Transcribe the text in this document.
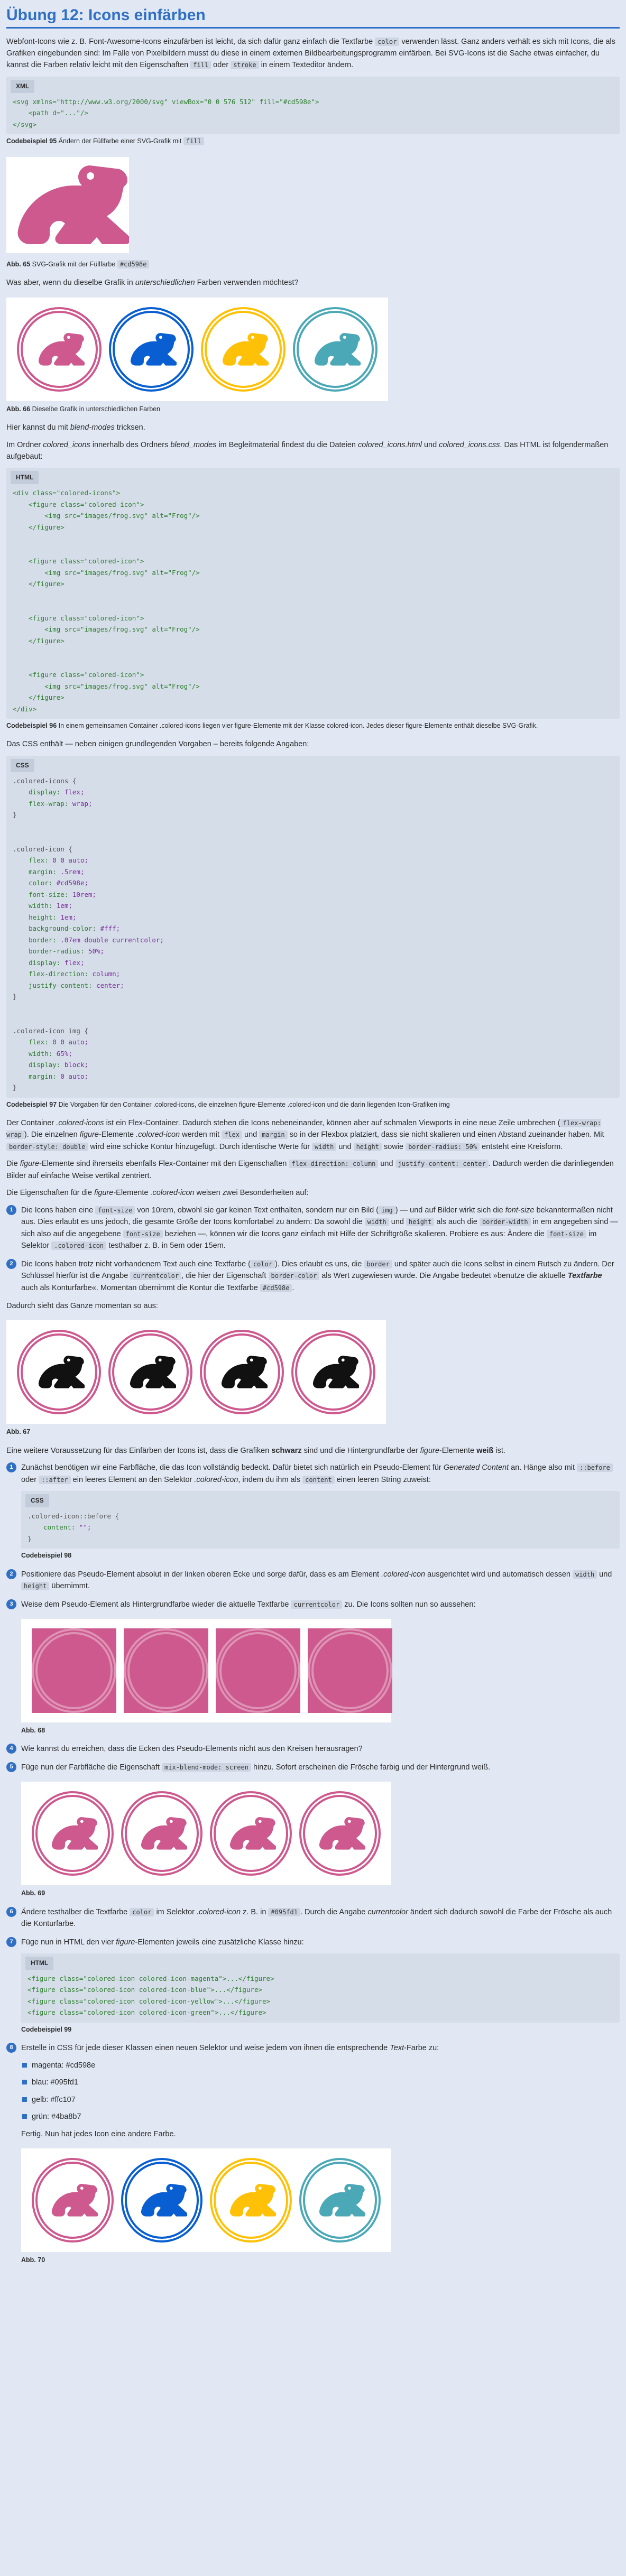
Übung 12: Icons einfärben

Webfont-Icons wie z. B. Font-Awesome-Icons einzufärben ist leicht, da sich dafür ganz einfach die Textfarbe color verwenden lässt. Ganz anders verhält es sich mit Icons, die als Grafiken eingebunden sind: Im Falle von Pixelbildern musst du diese in einem externen Bildbearbeitungsprogramm einfärben. Bei SVG-Icons ist die Sache etwas einfacher, du kannst die Farben relativ leicht mit den Eigenschaften fill oder stroke in einem Texteditor ändern.

XML
<svg xmlns="http://www.w3.org/2000/svg" viewBox="0 0 576 512" fill="#cd598e">
<path d="..."/>
</svg>
Codebeispiel 95 Ändern der Füllfarbe einer SVG-Grafik mit fill
Abb. 65 SVG-Grafik mit der Füllfarbe #cd598e

Was aber, wenn du dieselbe Grafik in unterschiedlichen Farben verwenden möchtest?

Abb. 66 Dieselbe Grafik in unterschiedlichen Farben

Hier kannst du mit blend-modes tricksen.

Im Ordner colored_icons innerhalb des Ordners blend_modes im Begleitmaterial findest du die Dateien colored_icons.html und colored_icons.css. Das HTML ist folgendermaßen aufgebaut:

HTML
<div class="colored-icons">
<figure class="colored-icon">
<img src="images/frog.svg" alt="Frog"/>
</figure>

<figure class="colored-icon">
<img src="images/frog.svg" alt="Frog"/>
</figure>

<figure class="colored-icon">
<img src="images/frog.svg" alt="Frog"/>
</figure>

<figure class="colored-icon">
<img src="images/frog.svg" alt="Frog"/>
</figure>
</div>
Codebeispiel 96 In einem gemeinsamen Container .colored-icons liegen vier figure-Elemente mit der Klasse colored-icon. Jedes dieser figure-Elemente enthält dieselbe SVG-Grafik.

Das CSS enthält — neben einigen grundlegenden Vorgaben – bereits folgende Angaben:

CSS
.colored-icons {
display: flex;
flex-wrap: wrap;
}

.colored-icon {
flex: 0 0 auto;
margin: .5rem;
color: #cd598e;
font-size: 10rem;
width: 1em;
height: 1em;
background-color: #fff;
border: .07em double currentcolor;
border-radius: 50%;
display: flex;
flex-direction: column;
justify-content: center;
}

.colored-icon img {
flex: 0 0 auto;
width: 65%;
display: block;
margin: 0 auto;
}
Codebeispiel 97 Die Vorgaben für den Container .colored-icons, die einzelnen figure-Elemente .colored-icon und die darin liegenden Icon-Grafiken img

Der Container .colored-icons ist ein Flex-Container. Dadurch stehen die Icons nebeneinander, können aber auf schmalen Viewports in eine neue Zeile umbrechen ( flex-wrap: wrap ). Die einzelnen figure-Elemente .colored-icon werden mit flex und margin so in der Flexbox platziert, dass sie nicht skalieren und einen Abstand zueinander haben. Mit border-style: double wird eine schicke Kontur hinzugefügt. Durch identische Werte für width und height sowie border-radius: 50% entsteht eine Kreisform.

Die figure-Elemente sind ihrerseits ebenfalls Flex-Container mit den Eigenschaften flex-direction: column und justify-content: center . Dadurch werden die darinliegenden Bilder auf einfache Weise vertikal zentriert.

Die Eigenschaften für die figure-Elemente .colored-icon weisen zwei Besonderheiten auf:

1	Die Icons haben eine font-size von 10rem, obwohl sie gar keinen Text enthalten, sondern nur ein Bild ( img ) — und auf Bilder wirkt sich die font-size bekanntermaßen nicht aus. Dies erlaubt es uns jedoch, die gesamte Größe der Icons komfortabel zu ändern: Da sowohl die width und height als auch die border-width in em angegeben sind — sich also auf die angegebene font-size beziehen —, können wir die Icons ganz einfach mit Hilfe der Schriftgröße skalieren. Probiere es aus: Ändere die font-size im Selektor .colored-icon testhalber z. B. in 5em oder 15em.
2	Die Icons haben trotz nicht vorhandenem Text auch eine Textfarbe ( color ). Dies erlaubt es uns, die border und später auch die Icons selbst in einem Rutsch zu ändern. Der Schlüssel hierfür ist die Angabe currentcolor , die hier der Eigenschaft border-color als Wert zugewiesen wurde. Die Angabe bedeutet »benutze die aktuelle Textfarbe auch als Konturfarbe«. Momentan übernimmt die Kontur die Textfarbe #cd598e .

Dadurch sieht das Ganze momentan so aus:

Abb. 67

Eine weitere Voraussetzung für das Einfärben der Icons ist, dass die Grafiken schwarz sind und die Hintergrundfarbe der figure-Elemente weiß ist.

1	Zunächst benötigen wir eine Farbfläche, die das Icon vollständig bedeckt. Dafür bietet sich natürlich ein Pseudo-Element für Generated Content an. Hänge also mit ::before oder ::after ein leeres Element an den Selektor .colored-icon, indem du ihm als content einen leeren String zuweist:
CSS
.colored-icon::before {
content: "";
}
Codebeispiel 98
2	Positioniere das Pseudo-Element absolut in der linken oberen Ecke und sorge dafür, dass es am Element .colored-icon ausgerichtet wird und automatisch dessen width und height übernimmt.
3	Weise dem Pseudo-Element als Hintergrundfarbe wieder die aktuelle Textfarbe currentcolor zu. Die Icons sollten nun so aussehen:
Abb. 68
4	Wie kannst du erreichen, dass die Ecken des Pseudo-Elements nicht aus den Kreisen herausragen?
5	Füge nun der Farbfläche die Eigenschaft mix-blend-mode: screen hinzu. Sofort erscheinen die Frösche farbig und der Hintergrund weiß.
Abb. 69
6	Ändere testhalber die Textfarbe color im Selektor .colored-icon z. B. in #095fd1 . Durch die Angabe currentcolor ändert sich dadurch sowohl die Farbe der Frösche als auch die Konturfarbe.
7	Füge nun in HTML den vier figure-Elementen jeweils eine zusätzliche Klasse hinzu:
HTML
<figure class="colored-icon colored-icon-magenta">...</figure>
<figure class="colored-icon colored-icon-blue">...</figure>
<figure class="colored-icon colored-icon-yellow">...</figure>
<figure class="colored-icon colored-icon-green">...</figure>
Codebeispiel 99
8	Erstelle in CSS für jede dieser Klassen einen neuen Selektor und weise jedem von ihnen die entsprechende Text-Farbe zu:
magenta: #cd598e
blau: #095fd1
gelb: #ffc107
grün: #4ba8b7

Fertig. Nun hat jedes Icon eine andere Farbe.

Abb. 70
